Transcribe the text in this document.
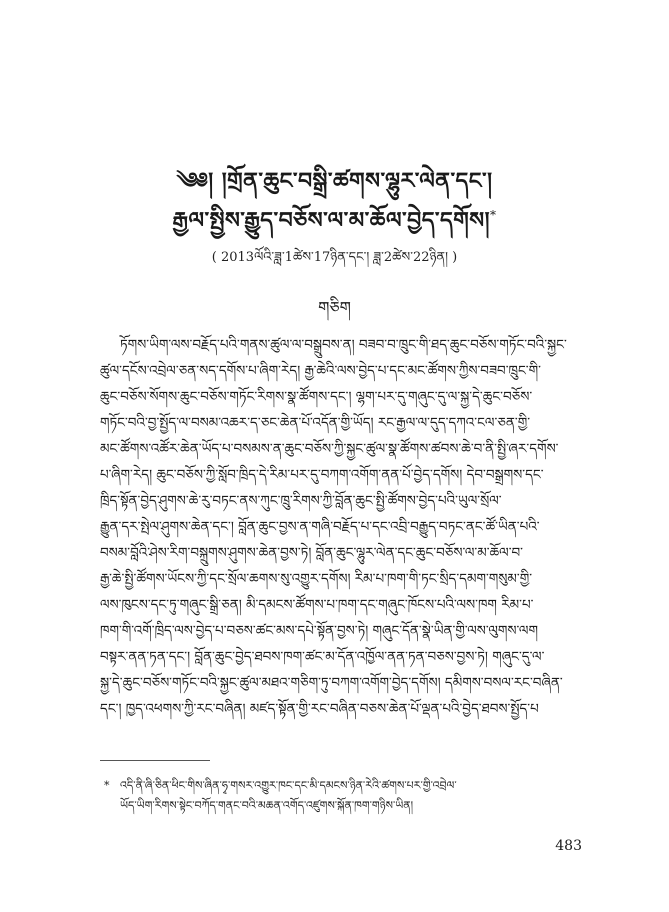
༄༅། །གྲོན་ཆུང་བསྒྲི་ཚགས་ལྷུར་ལེན་དང་།
རྒྱལ་སྤྱིས་རྒྱུད་བཅོས་ལ་མ་ཆོལ་བྱེད་དགོས།*
( 2013ལོའི་ཟླ་1ཚེས་17ཉིན་དང་། ཟླ་2ཚེས་22ཉིན། )
གཅིག

ཏོགས་ཡིག་ལས་བརྗོད་པའི་གནས་ཚུལ་ལ་བསྒྲུབས་ན། བཟབ་བ་ཁྲུང་གི་ཐད་ཆུང་བཅོས་གཏོང་བའི་སྐྱང་

ཚུལ་དངོས་འབྲེལ་ཅན་སད་དགོས་པ་ཞིག་རེད། རྒྱ་ཆེའི་ལས་བྱེད་པ་དང་མང་ཚོགས་ཀྱིས་བཟབ་ཁྲུང་གི་

ཆུང་བཅོས་སོགས་ཆུང་བཅོས་གཏོང་རིགས་སྣ་ཚོགས་དང་། ལྷག་པར་དུ་གཞུང་དུ་ལ་སྐྱ་དེ་ཆུང་བཅོས་

གཏོང་བའི་བྱ་སྤྱོད་ལ་བསམ་འཆར་ད་ཅང་ཆེན་པོ་འདོན་གྱི་ཡོད། རང་རྒྱལ་ལ་དུད་དཀའ་ངལ་ཅན་གྱི་

མང་ཚོགས་འཚོར་ཆེན་ཡོད་པ་བསམས་ན་ཆུང་བཅོས་ཀྱི་སྐྱང་ཚུལ་སྣ་ཚོགས་ཚབས་ཆེ་བ་ནི་སྤྱི་ཞར་དགོས་

པ་ཞིག་རེད། ཆུང་བཅོས་ཀྱི་སློབ་ཁྲིད་དེ་རིམ་པར་དུ་བཀག་འགོག་ནན་པོ་བྱེད་དགོས། དེབ་བསྒྲགས་དང་

ཁྲིད་སྟོན་བྱེད་ཤུགས་ཆེ་རུ་བཏང་ནས་ཀུང་ཁྲུ་རིགས་ཀྱི་བློན་ཆུང་སྤྱི་ཚོགས་བྱེད་པའི་ཡུལ་སྲོལ་

རྒྱུན་དར་སྤེལ་ཤུགས་ཆེན་དང་། བློན་ཆུང་བྱས་ན་གཞི་བརྗོད་པ་དང་འབྲི་བརྒྱུད་བཏང་ནང་ཚོ་ཡིན་པའི་

བསམ་བློའི་ཤེས་རིག་བསྐྲུགས་ཤུགས་ཆེན་བྱས་ཏེ། བློན་ཆུང་ལྷུར་ལེན་དང་ཆུང་བཅོས་ལ་མ་ཆོལ་བ་

རྒྱ་ཆེ་སྤྱི་ཚོགས་ཡོངས་ཀྱི་དང་སྲོལ་ཆགས་སུ་འགྱུར་དགོས། རིམ་པ་ཁག་གི་ཏང་སྲིད་དམག་གསུམ་གྱི་

ལས་ཁུངས་དང་ཏུ་གཞུང་སྒྲི་ཅན། མི་དམངས་ཚོགས་པ་ཁག་དང་གཞུང་ཁོངས་པའི་ལས་ཁག རིམ་པ་

ཁག་གི་འགོ་ཁྲིད་ལས་བྱེད་པ་བཅས་ཚང་མས་དཔེ་སྟོན་བྱས་ཏེ། གཞུང་དོན་སྣེ་ཡིན་གྱི་ལས་ལུགས་ལག

བསྟར་ནན་ཏན་དང་། བློན་ཆུང་བྱེད་ཐབས་ཁག་ཚང་མ་དོན་འཁྱོལ་ནན་ཏན་བཅས་བྱས་ཏེ། གཞུང་དུ་ལ་

སྐྱ་དེ་ཆུང་བཅོས་གཏོང་བའི་སྐྱང་ཚུལ་མཐའ་གཅིག་ཏུ་བཀག་འགོག་བྱེད་དགོས། དམིགས་བསལ་རང་བཞིན་

དང་། ཁྱད་འཕགས་ཀྱི་རང་བཞིན། མཛད་སྟོན་གྱི་རང་བཞིན་བཅས་ཆེན་པོ་ལྡན་པའི་བྱེད་ཐབས་སྤྱོད་པ

* འདི་ནི་ཞི་ཅིན་ཕིང་གིས་ཞིན་ཧྭ་གསར་འགྱུར་ཁང་དང་མི་དམངས་ཉིན་རེའི་ཚགས་པར་གྱི་འབྲེལ་

ཡོད་ཡིག་རིགས་སྟེང་བཀོད་གནང་བའི་མཆན་འགོད་འཛུགས་སྐོན་ཁག་གཉིས་ཡིན།

483
